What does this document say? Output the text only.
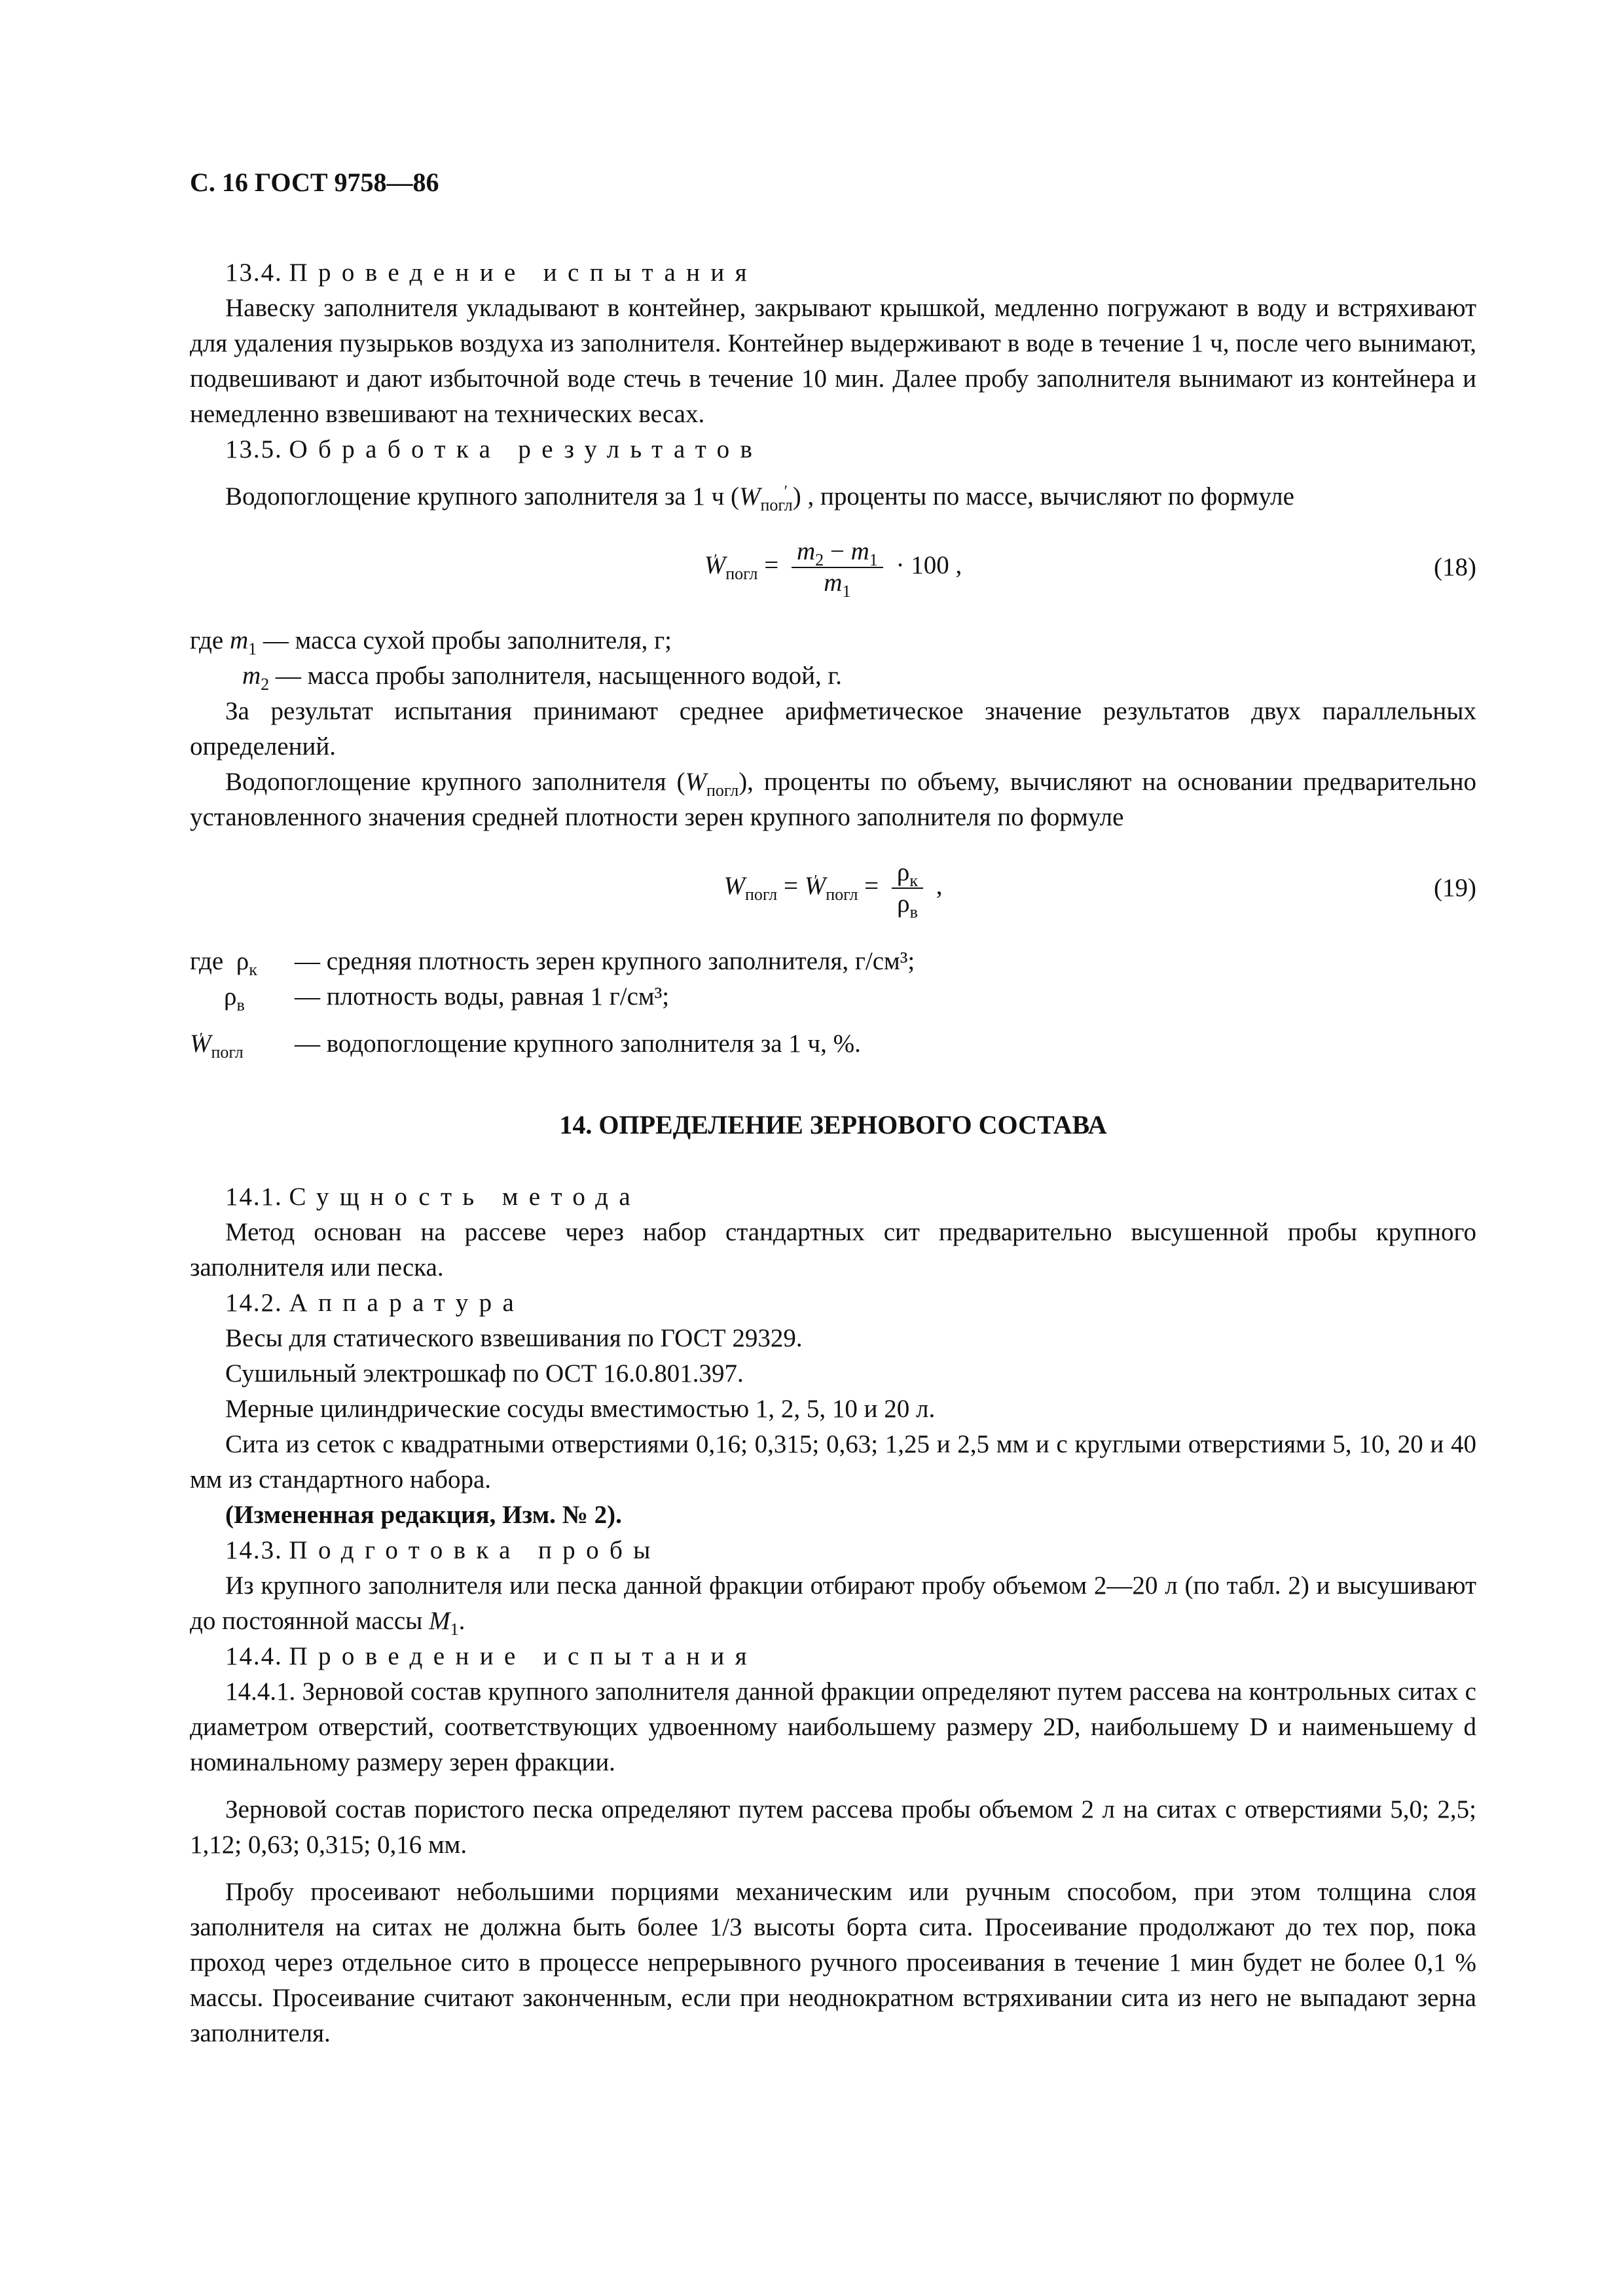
С. 16 ГОСТ 9758—86

13.4. Проведение испытания

Навеску заполнителя укладывают в контейнер, закрывают крышкой, медленно погружают в воду и встряхивают для удаления пузырьков воздуха из заполнителя. Контейнер выдерживают в воде в течение 1 ч, после чего вынимают, подвешивают и дают избыточной воде стечь в течение 10 мин. Далее пробу заполнителя вынимают из контейнера и немедленно взвешивают на технических весах.

13.5. Обработка результатов

Водопоглощение крупного заполнителя за 1 ч (W $'_{погл}$) , проценты по массе, вычисляют по формуле

W $'_{погл} = \frac{m_2 - m_1}{m_1} \cdot 100$ ,	(18)

где $m_1$ — масса сухой пробы заполнителя, г;

$m_2$ — масса пробы заполнителя, насыщенного водой, г.

За результат испытания принимают среднее арифметическое значение результатов двух параллельных определений.

Водопоглощение крупного заполнителя $(W_{погл})$, проценты по объему, вычисляют на основании предварительно установленного значения средней плотности зерен крупного заполнителя по формуле

$W_{погл} = W$ $'_{погл} = \frac{\rho_к}{\rho_в}$ ,	(19)
где  $\rho_к$	— средняя плотность зерен крупного заполнителя, г/см³;
$\rho_в$	— плотность воды, равная 1 г/см³;
W $'_{погл}$	— водопоглощение крупного заполнителя за 1 ч, %.
14. ОПРЕДЕЛЕНИЕ ЗЕРНОВОГО СОСТАВА

14.1. Сущность метода

Метод основан на рассеве через набор стандартных сит предварительно высушенной пробы крупного заполнителя или песка.

14.2. Аппаратура

Весы для статического взвешивания по ГОСТ 29329.

Сушильный электрошкаф по ОСТ 16.0.801.397.

Мерные цилиндрические сосуды вместимостью 1, 2, 5, 10 и 20 л.

Сита из сеток с квадратными отверстиями 0,16; 0,315; 0,63; 1,25 и 2,5 мм и с круглыми отверстиями 5, 10, 20 и 40 мм из стандартного набора.

(Измененная редакция, Изм. № 2).

14.3. Подготовка пробы

Из крупного заполнителя или песка данной фракции отбирают пробу объемом 2—20 л (по табл. 2) и высушивают до постоянной массы $M_1$.

14.4. Проведение испытания

14.4.1. Зерновой состав крупного заполнителя данной фракции определяют путем рассева на контрольных ситах с диаметром отверстий, соответствующих удвоенному наибольшему размеру 2D, наибольшему D и наименьшему d номинальному размеру зерен фракции.

Зерновой состав пористого песка определяют путем рассева пробы объемом 2 л на ситах с отверстиями 5,0; 2,5; 1,12; 0,63; 0,315; 0,16 мм.

Пробу просеивают небольшими порциями механическим или ручным способом, при этом толщина слоя заполнителя на ситах не должна быть более 1/3 высоты борта сита. Просеивание продолжают до тех пор, пока проход через отдельное сито в процессе непрерывного ручного просеивания в течение 1 мин будет не более 0,1 % массы. Просеивание считают законченным, если при неоднократном встряхивании сита из него не выпадают зерна заполнителя.
